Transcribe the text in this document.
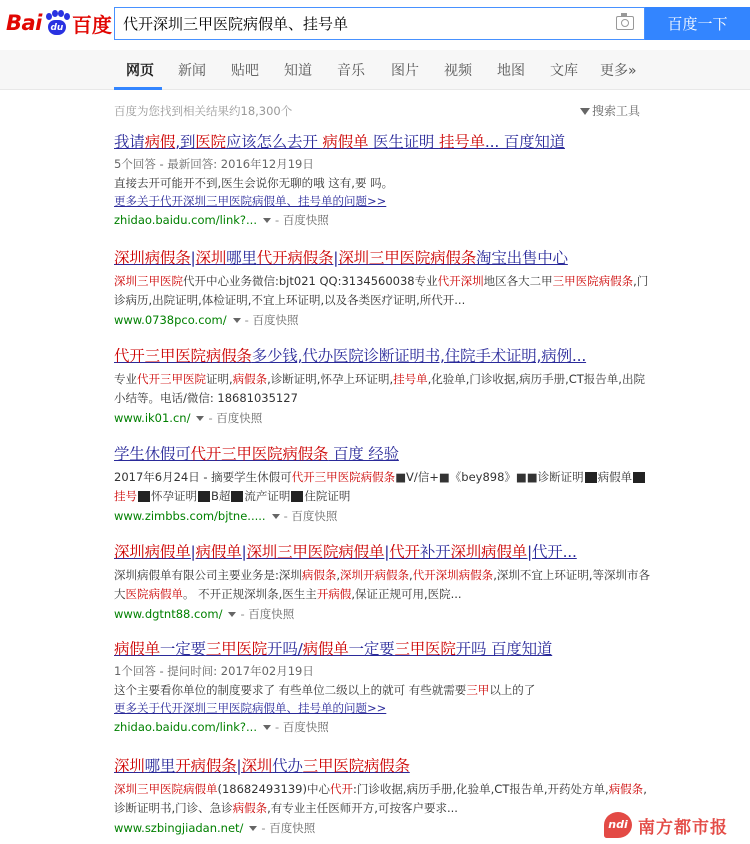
Bai du 百度
代开深圳三甲医院病假单、挂号单	百度一下
网页 新闻 贴吧 知道 音乐 图片 视频 地图 文库 更多»
百度为您找到相关结果约18,300个	搜索工具
我请病假,到医院应该怎么去开 病假单 医生证明 挂号单... 百度知道
5个回答 - 最新回答: 2016年12月19日
直接去开可能开不到,医生会说你无聊的哦 这有,要 吗。
更多关于代开深圳三甲医院病假单、挂号单的问题>>
zhidao.baidu.com/link?... - 百度快照
深圳病假条|深圳哪里代开病假条|深圳三甲医院病假条淘宝出售中心
深圳三甲医院代开中心业务微信:bjt021 QQ:3134560038专业代开深圳地区各大二甲三甲医院病假条,门诊病历,出院证明,体检证明,不宜上环证明,以及各类医疗证明,所代开...
www.0738pco.com/ - 百度快照
代开三甲医院病假条多少钱,代办医院诊断证明书,住院手术证明,病例...
专业代开三甲医院证明,病假条,诊断证明,怀孕上环证明,挂号单,化验单,门诊收据,病历手册,CT报告单,出院小结等。电话/微信: 18681035127
www.ik01.cn/ - 百度快照
学生休假可代开三甲医院病假条 百度 经验
2017年6月24日 - 摘要学生休假可代开三甲医院病假条■V/信+■《bey898》■■诊断证明 病假单挂号 怀孕证明 B超 流产证明 住院证明
www.zimbbs.com/bjtne..... - 百度快照
深圳病假单|病假单|深圳三甲医院病假单|代开补开深圳病假单|代开...
深圳病假单有限公司主要业务是:深圳病假条,深圳开病假条,代开深圳病假条,深圳不宜上环证明,等深圳市各大医院病假单。 不开正规深圳条,医生主开病假,保证正规可用,医院...
www.dgtnt88.com/ - 百度快照
病假单一定要三甲医院开吗/病假单一定要三甲医院开吗 百度知道
1个回答 - 提问时间: 2017年02月19日
这个主要看你单位的制度要求了 有些单位二级以上的就可 有些就需要三甲以上的了
更多关于代开深圳三甲医院病假单、挂号单的问题>>
zhidao.baidu.com/link?... - 百度快照
深圳哪里开病假条|深圳代办三甲医院病假条
深圳三甲医院病假单(18682493139)中心代开:门诊收据,病历手册,化验单,CT报告单,开药处方单,病假条,诊断证明书,门诊、急诊病假条,有专业主任医师开方,可按客户要求...
www.szbingjiadan.net/ - 百度快照	ndi 南方都市报
